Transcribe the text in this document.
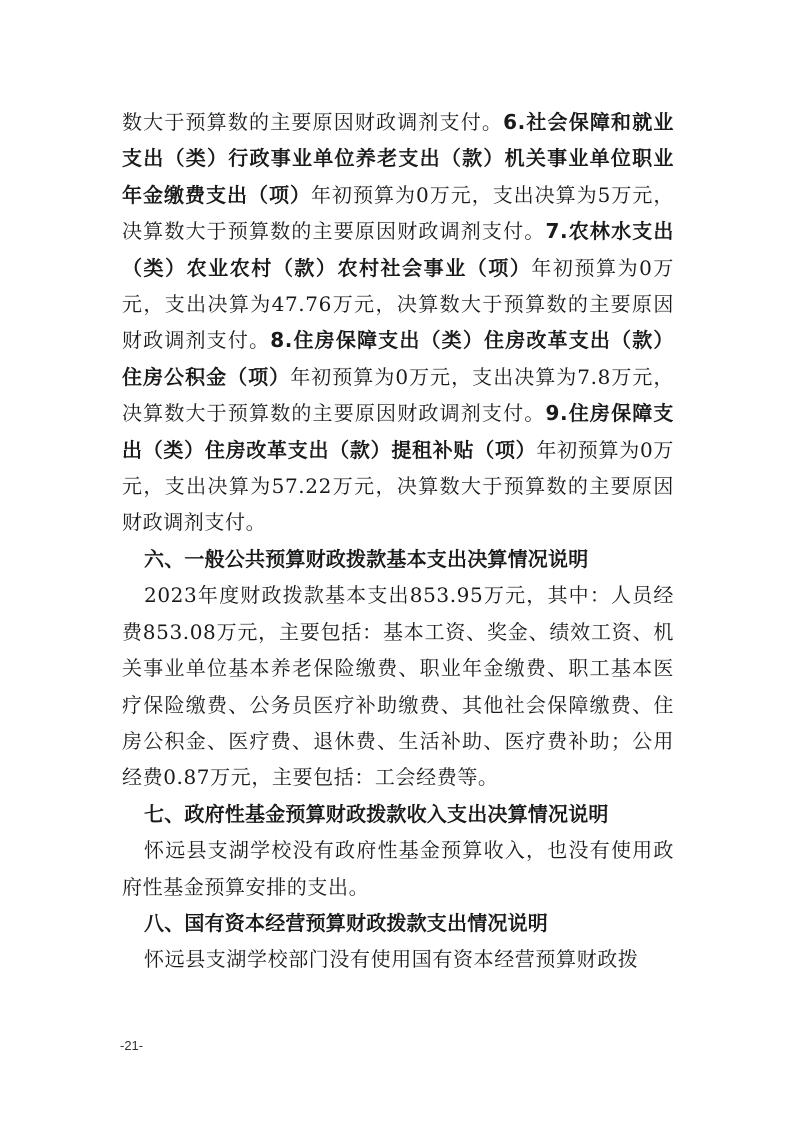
数大于预算数的主要原因财政调剂支付。6.社会保障和就业支出（类）行政事业单位养老支出（款）机关事业单位职业年金缴费支出（项）年初预算为0万元，支出决算为5万元，决算数大于预算数的主要原因财政调剂支付。7.农林水支出（类）农业农村（款）农村社会事业（项）年初预算为0万元，支出决算为47.76万元，决算数大于预算数的主要原因财政调剂支付。8.住房保障支出（类）住房改革支出（款）住房公积金（项）年初预算为0万元，支出决算为7.8万元，决算数大于预算数的主要原因财政调剂支付。9.住房保障支出（类）住房改革支出（款）提租补贴（项）年初预算为0万元，支出决算为57.22万元，决算数大于预算数的主要原因财政调剂支付。

六、一般公共预算财政拨款基本支出决算情况说明

2023年度财政拨款基本支出853.95万元，其中：人员经费853.08万元，主要包括：基本工资、奖金、绩效工资、机关事业单位基本养老保险缴费、职业年金缴费、职工基本医疗保险缴费、公务员医疗补助缴费、其他社会保障缴费、住房公积金、医疗费、退休费、生活补助、医疗费补助；公用经费0.87万元，主要包括：工会经费等。

七、政府性基金预算财政拨款收入支出决算情况说明

怀远县支湖学校没有政府性基金预算收入，也没有使用政府性基金预算安排的支出。

八、国有资本经营预算财政拨款支出情况说明

怀远县支湖学校部门没有使用国有资本经营预算财政拨

-21-
